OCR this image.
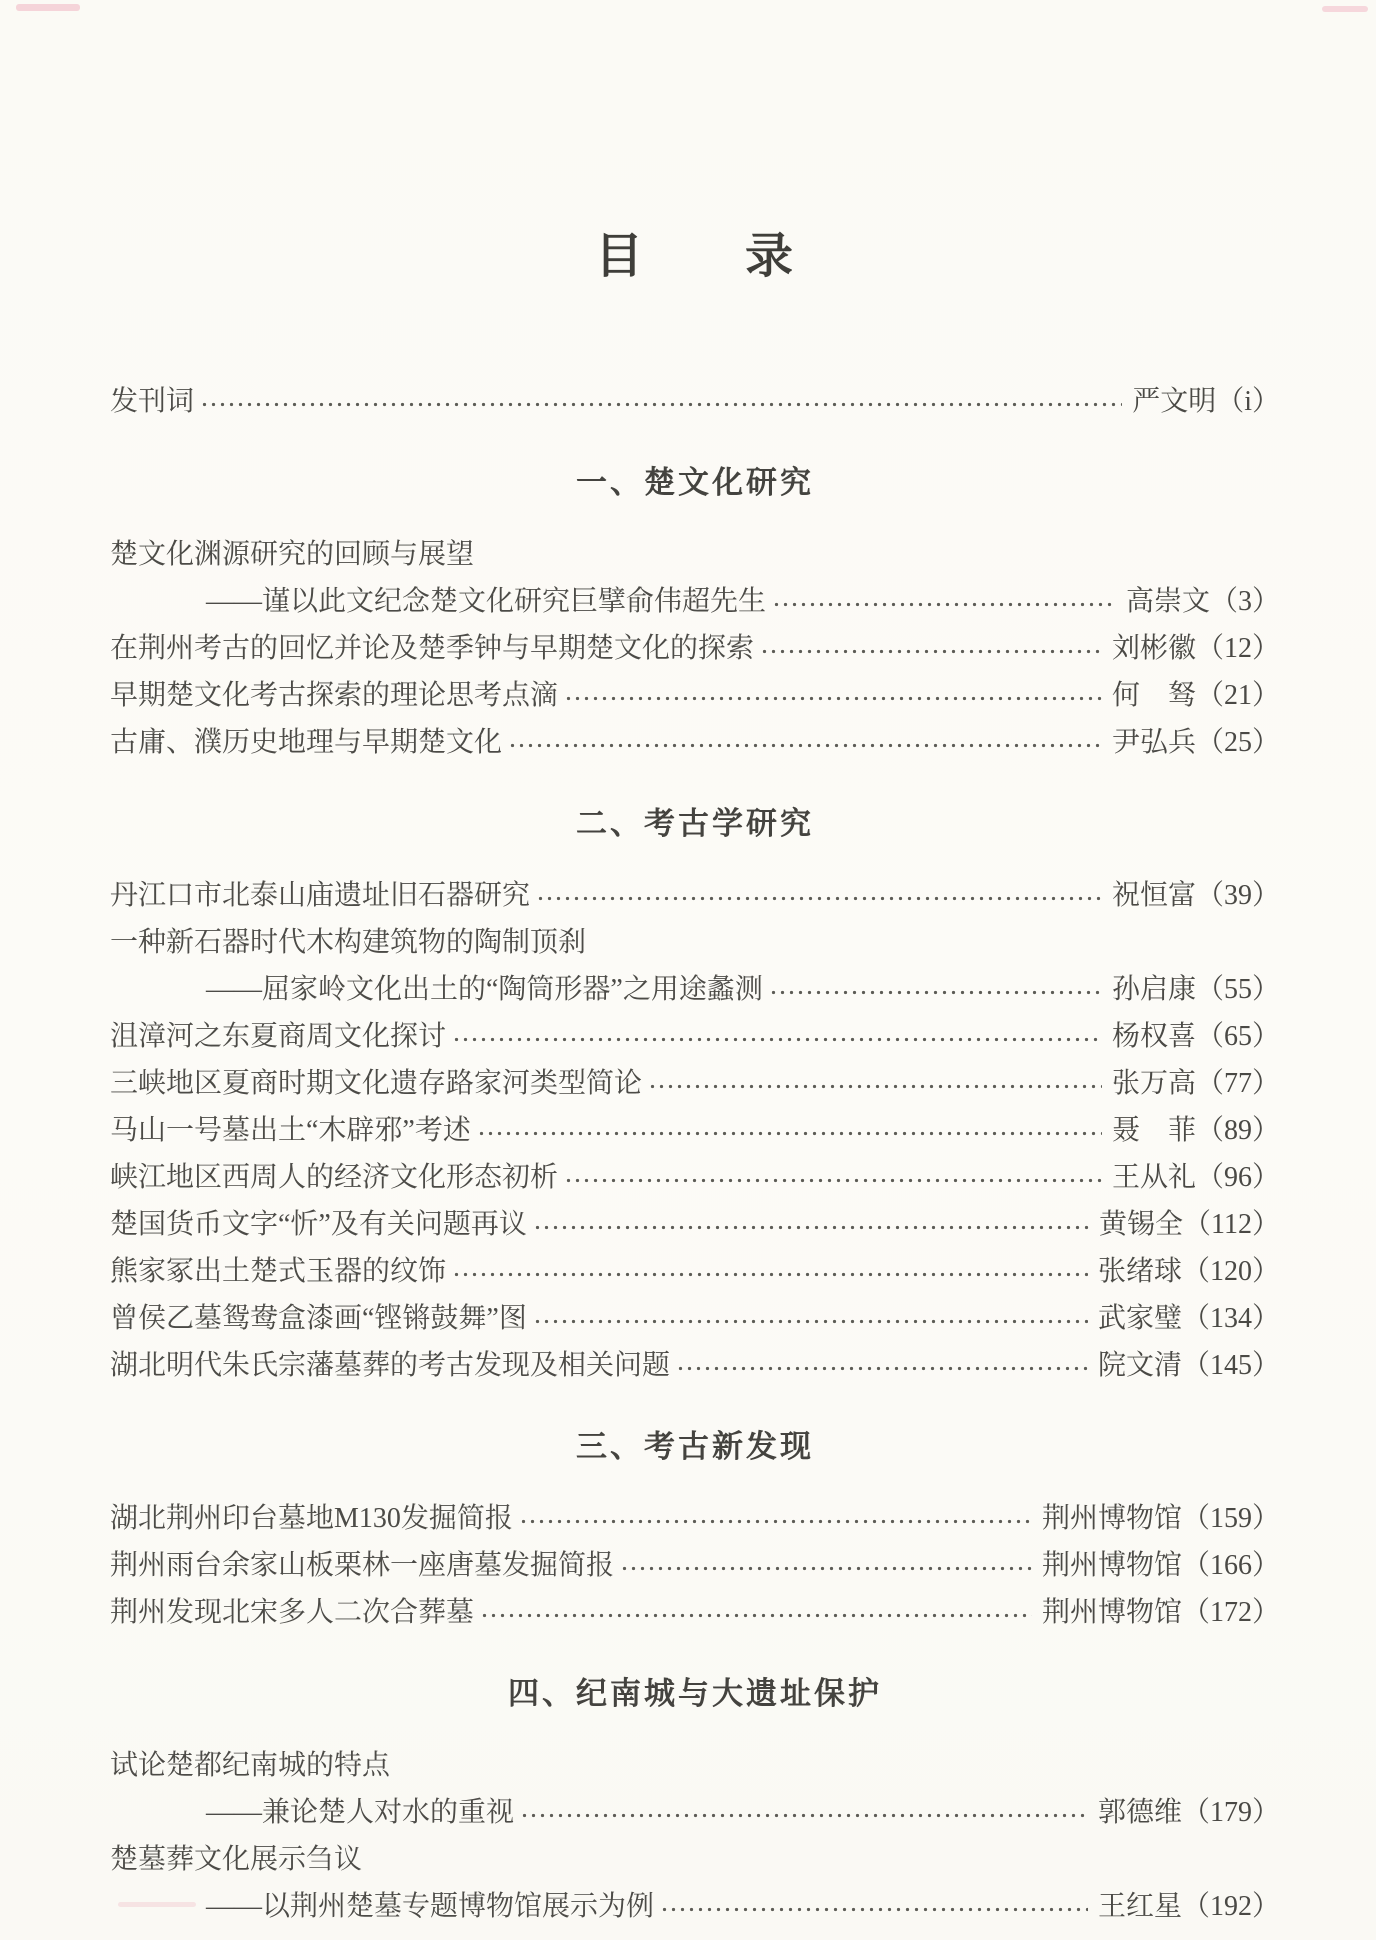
目　　录
发刊词	严文明 （i）
一、楚文化研究
楚文化渊源研究的回顾与展望
——谨以此文纪念楚文化研究巨擘俞伟超先生	高崇文 （3）
在荆州考古的回忆并论及楚季钟与早期楚文化的探索	刘彬徽 （12）
早期楚文化考古探索的理论思考点滴	何　驽 （21）
古庸、濮历史地理与早期楚文化	尹弘兵 （25）
二、考古学研究
丹江口市北泰山庙遗址旧石器研究	祝恒富 （39）
一种新石器时代木构建筑物的陶制顶刹
——屈家岭文化出土的“陶筒形器”之用途蠡测	孙启康 （55）
沮漳河之东夏商周文化探讨	杨权喜 （65）
三峡地区夏商时期文化遗存路家河类型简论	张万高 （77）
马山一号墓出土“木辟邪”考述	聂　菲 （89）
峡江地区西周人的经济文化形态初析	王从礼 （96）
楚国货币文字“忻”及有关问题再议	黄锡全 （112）
熊家冢出土楚式玉器的纹饰	张绪球 （120）
曾侯乙墓鸳鸯盒漆画“铿锵鼓舞”图	武家璧 （134）
湖北明代朱氏宗藩墓葬的考古发现及相关问题	院文清 （145）
三、考古新发现
湖北荆州印台墓地M130发掘简报	荆州博物馆 （159）
荆州雨台余家山板栗林一座唐墓发掘简报	荆州博物馆 （166）
荆州发现北宋多人二次合葬墓	荆州博物馆 （172）
四、纪南城与大遗址保护
试论楚都纪南城的特点
——兼论楚人对水的重视	郭德维 （179）
楚墓葬文化展示刍议
——以荆州楚墓专题博物馆展示为例	王红星 （192）
